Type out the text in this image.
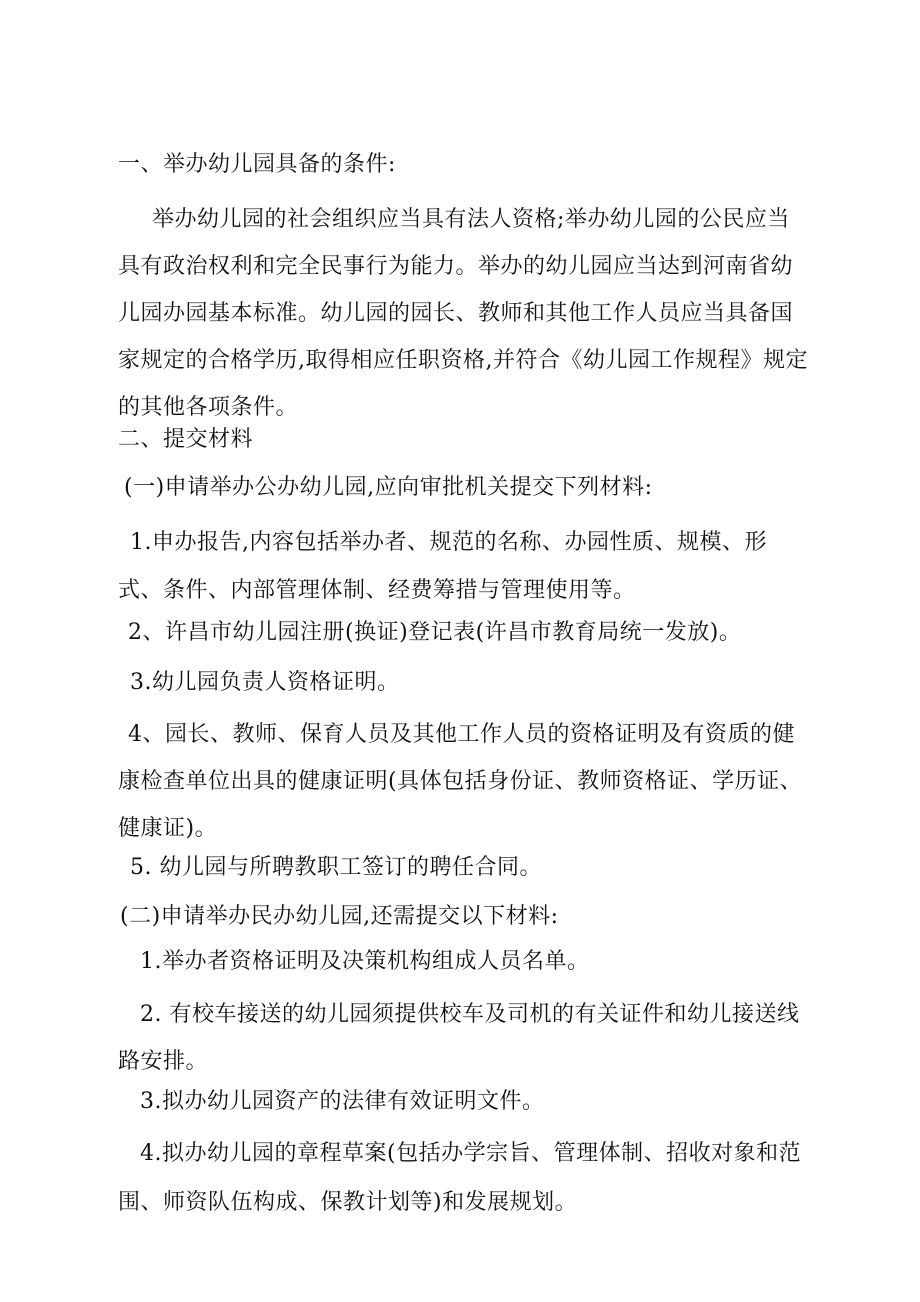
一、举办幼儿园具备的条件:
举办幼儿园的社会组织应当具有法人资格;举办幼儿园的公民应当具有政治权利和完全民事行为能力。举办的幼儿园应当达到河南省幼儿园办园基本标准。幼儿园的园长、教师和其他工作人员应当具备国家规定的合格学历,取得相应任职资格,并符合《幼儿园工作规程》规定的其他各项条件。
二、提交材料
(一)申请举办公办幼儿园,应向审批机关提交下列材料:
1.申办报告,内容包括举办者、规范的名称、办园性质、规模、形式、条件、内部管理体制、经费筹措与管理使用等。
2、许昌市幼儿园注册(换证)登记表(许昌市教育局统一发放)。
3.幼儿园负责人资格证明。
4、园长、教师、保育人员及其他工作人员的资格证明及有资质的健康检查单位出具的健康证明(具体包括身份证、教师资格证、学历证、健康证)。
5. 幼儿园与所聘教职工签订的聘任合同。
(二)申请举办民办幼儿园,还需提交以下材料:
1.举办者资格证明及决策机构组成人员名单。
2. 有校车接送的幼儿园须提供校车及司机的有关证件和幼儿接送线路安排。
3.拟办幼儿园资产的法律有效证明文件。
4.拟办幼儿园的章程草案(包括办学宗旨、管理体制、招收对象和范围、师资队伍构成、保教计划等)和发展规划。
